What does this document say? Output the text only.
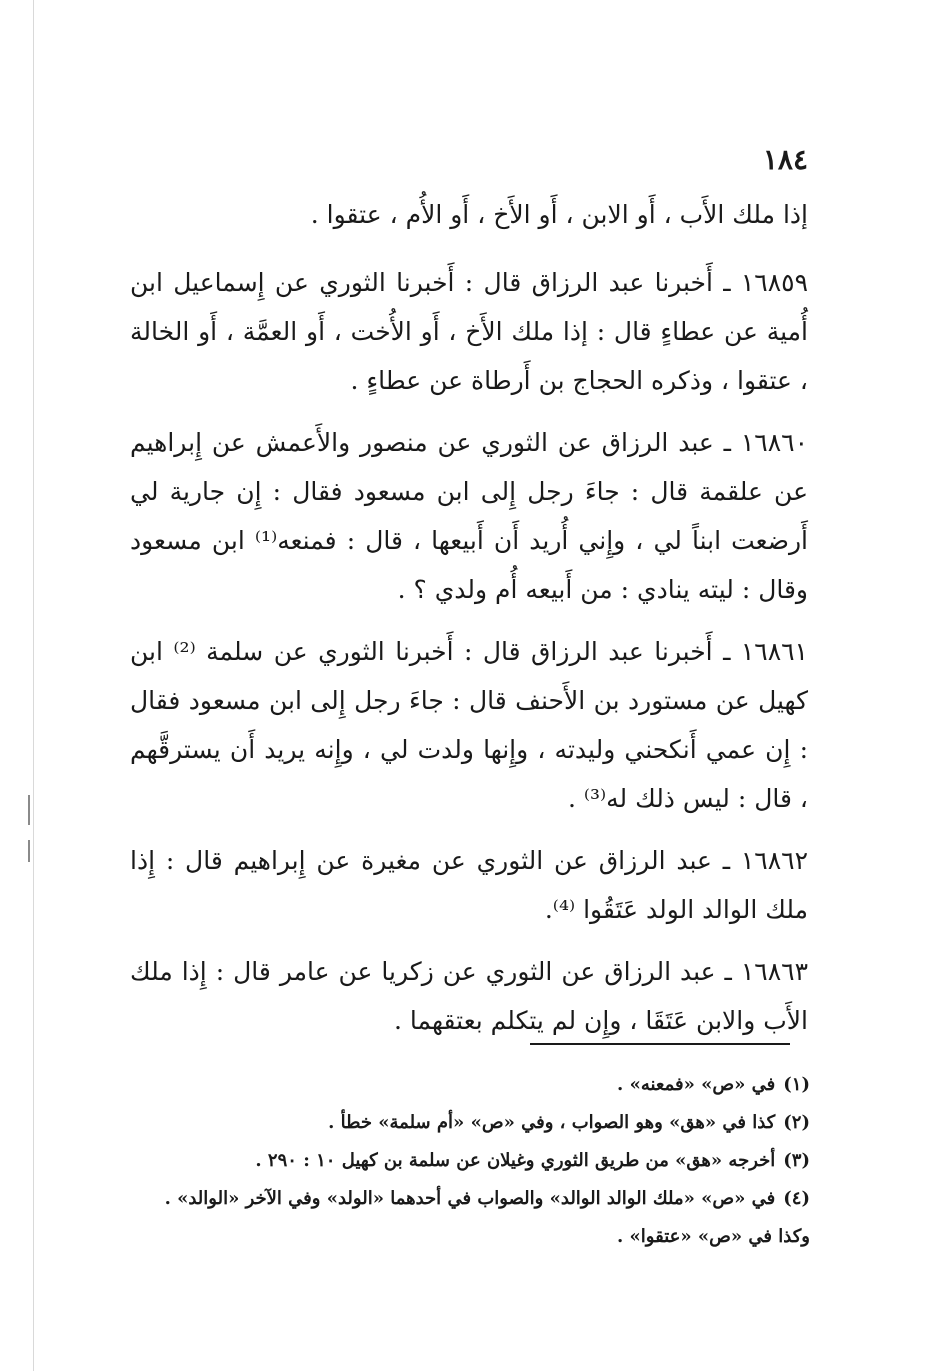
١٨٤

إذا ملك الأَب ، أَو الابن ، أَو الأَخ ، أَو الأُم ، عتقوا .

١٦٨٥٩ ـ أَخبرنا عبد الرزاق قال : أَخبرنا الثوري عن إِسماعيل ابن أُمية عن عطاءٍ قال : إذا ملك الأَخ ، أَو الأُخت ، أَو العمَّة ، أَو الخالة ، عتقوا ، وذكره الحجاج بن أَرطاة عن عطاءٍ .

١٦٨٦٠ ـ عبد الرزاق عن الثوري عن منصور والأَعمش عن إِبراهيم عن علقمة قال : جاءَ رجل إِلى ابن مسعود فقال : إِن جارية لي أَرضعت ابناً لي ، وإِني أُريد أَن أَبيعها ، قال : فمنعه⁽¹⁾ ابن مسعود وقال : ليته ينادي : من أَبيعه أُم ولدي ؟ .

١٦٨٦١ ـ أَخبرنا عبد الرزاق قال : أَخبرنا الثوري عن سلمة ⁽²⁾ ابن كهيل عن مستورد بن الأَحنف قال : جاءَ رجل إِلى ابن مسعود فقال : إِن عمي أَنكحني وليدته ، وإِنها ولدت لي ، وإِنه يريد أَن يسترقَّهم ، قال : ليس ذلك له⁽³⁾ .

١٦٨٦٢ ـ عبد الرزاق عن الثوري عن مغيرة عن إِبراهيم قال : إِذا ملك الوالد الولد عَتَقُوا ⁽⁴⁾.

١٦٨٦٣ ـ عبد الرزاق عن الثوري عن زكريا عن عامر قال : إِذا ملك الأَب والابن عَتَقَا ، وإِن لم يتكلم بعتقهما .

(١)في «ص» «فمعنه» .

(٢)كذا في «هق» وهو الصواب ، وفي «ص» «أم سلمة» خطأ .

(٣)أخرجه «هق» من طريق الثوري وغيلان عن سلمة بن كهيل ١٠ : ٢٩٠ .

(٤)في «ص» «ملك الوالد الوالد» والصواب في أحدهما «الولد» وفي الآخر «الوالد» . وكذا في «ص» «عتقوا» .
